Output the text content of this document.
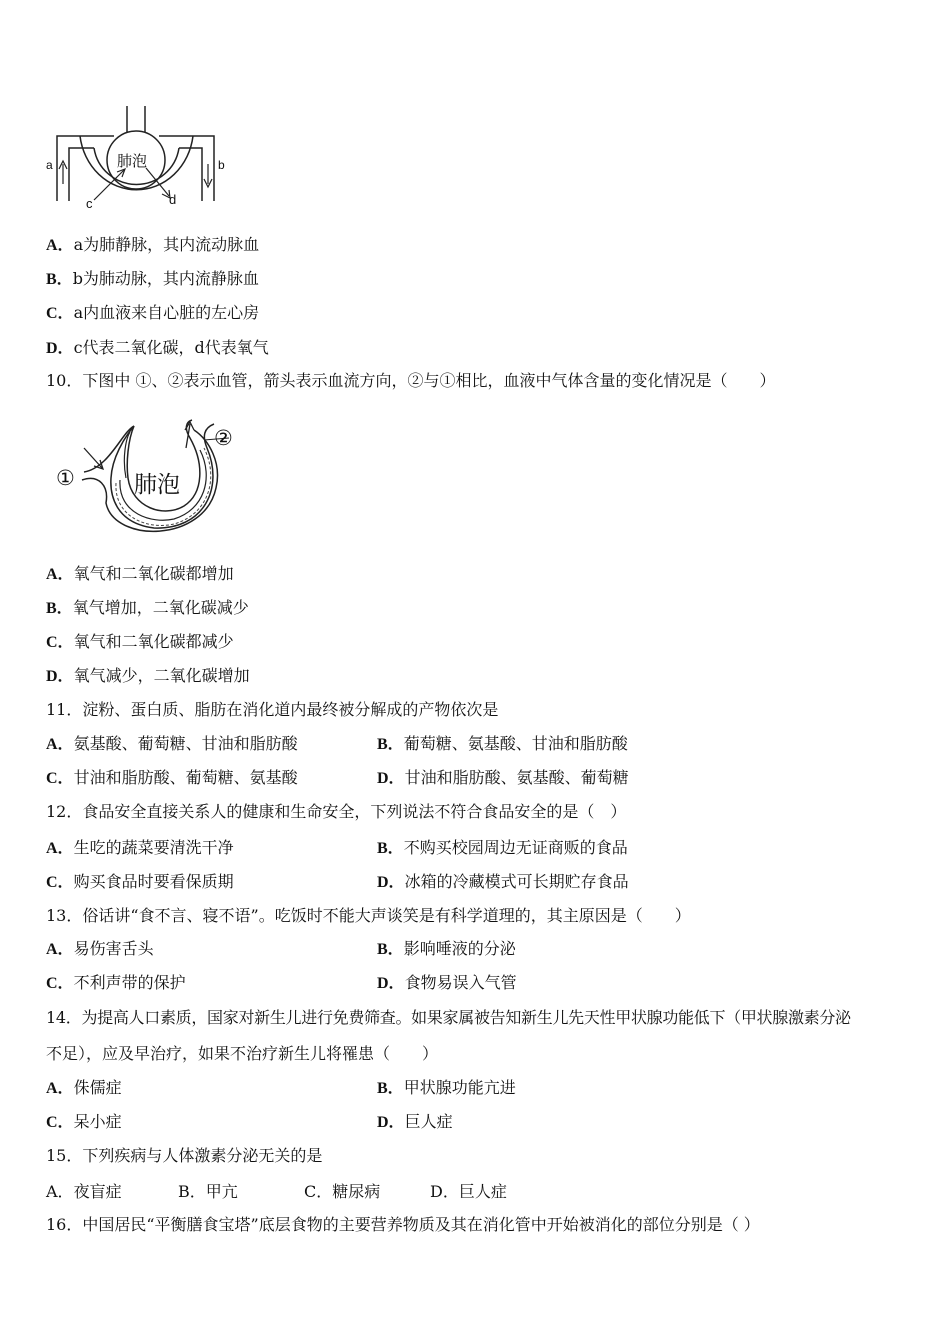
肺泡
a	b
c	d
A．a为肺静脉，其内流动脉血
B．b为肺动脉，其内流静脉血
C．a内血液来自心脏的左心房
D．c代表二氧化碳，d代表氧气
10．下图中 ①、②表示血管，箭头表示血流方向，②与①相比，血液中气体含量的变化情况是（　　）
肺泡
①
②
A．氧气和二氧化碳都增加
B．氧气增加，二氧化碳减少
C．氧气和二氧化碳都减少
D．氧气减少，二氧化碳增加
11．淀粉、蛋白质、脂肪在消化道内最终被分解成的产物依次是
A．氨基酸、葡萄糖、甘油和脂肪酸	B．葡萄糖、氨基酸、甘油和脂肪酸
C．甘油和脂肪酸、葡萄糖、氨基酸	D．甘油和脂肪酸、氨基酸、葡萄糖
12．食品安全直接关系人的健康和生命安全，下列说法不符合食品安全的是（　）
A．生吃的蔬菜要清洗干净	B．不购买校园周边无证商贩的食品
C．购买食品时要看保质期	D．冰箱的冷藏模式可长期贮存食品
13．俗话讲“食不言、寝不语”。吃饭时不能大声谈笑是有科学道理的，其主原因是（　　）
A．易伤害舌头	B．影响唾液的分泌
C．不利声带的保护	D．食物易误入气管
14．为提高人口素质，国家对新生儿进行免费筛查。如果家属被告知新生儿先天性甲状腺功能低下（甲状腺激素分泌
不足），应及早治疗，如果不治疗新生儿将罹患（　　）
A．侏儒症	B．甲状腺功能亢进
C．呆小症	D．巨人症
15．下列疾病与人体激素分泌无关的是
A．夜盲症	B．甲亢	C．糖尿病	D．巨人症
16．中国居民“平衡膳食宝塔”底层食物的主要营养物质及其在消化管中开始被消化的部位分别是（ ）
